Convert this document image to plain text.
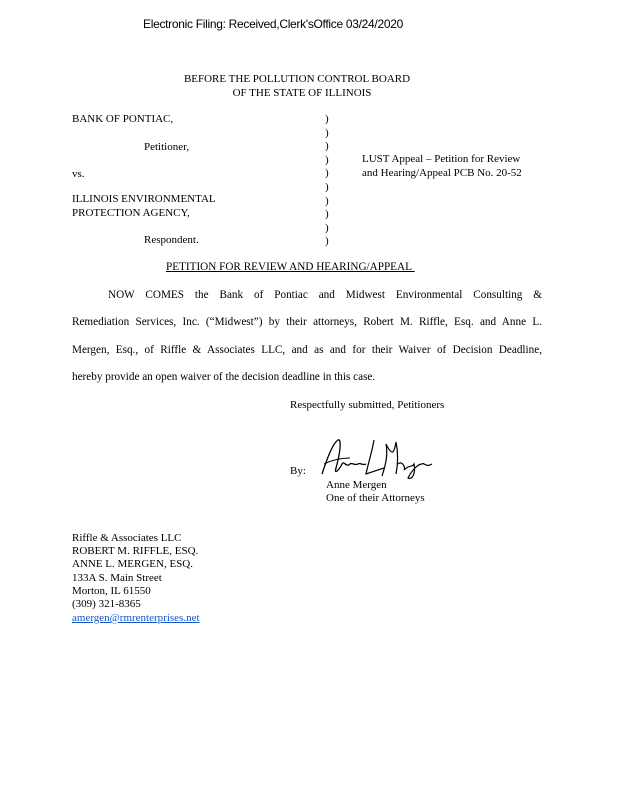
Electronic Filing: Received,Clerk'sOffice 03/24/2020
BEFORE THE POLLUTION CONTROL BOARD
OF THE STATE OF ILLINOIS
BANK OF PONTIAC,
Petitioner,
vs.
ILLINOIS ENVIRONMENTAL
PROTECTION AGENCY,
Respondent.
)
)
)
)
)
)
)
)
)
)
LUST Appeal – Petition for Review
and Hearing/Appeal PCB No. 20-52
PETITION FOR REVIEW AND HEARING/APPEAL
NOW COMES the Bank of Pontiac and Midwest Environmental Consulting &
Remediation Services, Inc. (“Midwest”) by their attorneys, Robert M. Riffle, Esq. and Anne L.
Mergen, Esq., of Riffle & Associates LLC, and as and for their Waiver of Decision Deadline,
hereby provide an open waiver of the decision deadline in this case.
Respectfully submitted, Petitioners
By:
Anne L Mergen
Anne Mergen
One of their Attorneys
Riffle & Associates LLC
ROBERT M. RIFFLE, ESQ.
ANNE L. MERGEN, ESQ.
133A S. Main Street
Morton, IL 61550
(309) 321-8365
amergen@rmrenterprises.net
